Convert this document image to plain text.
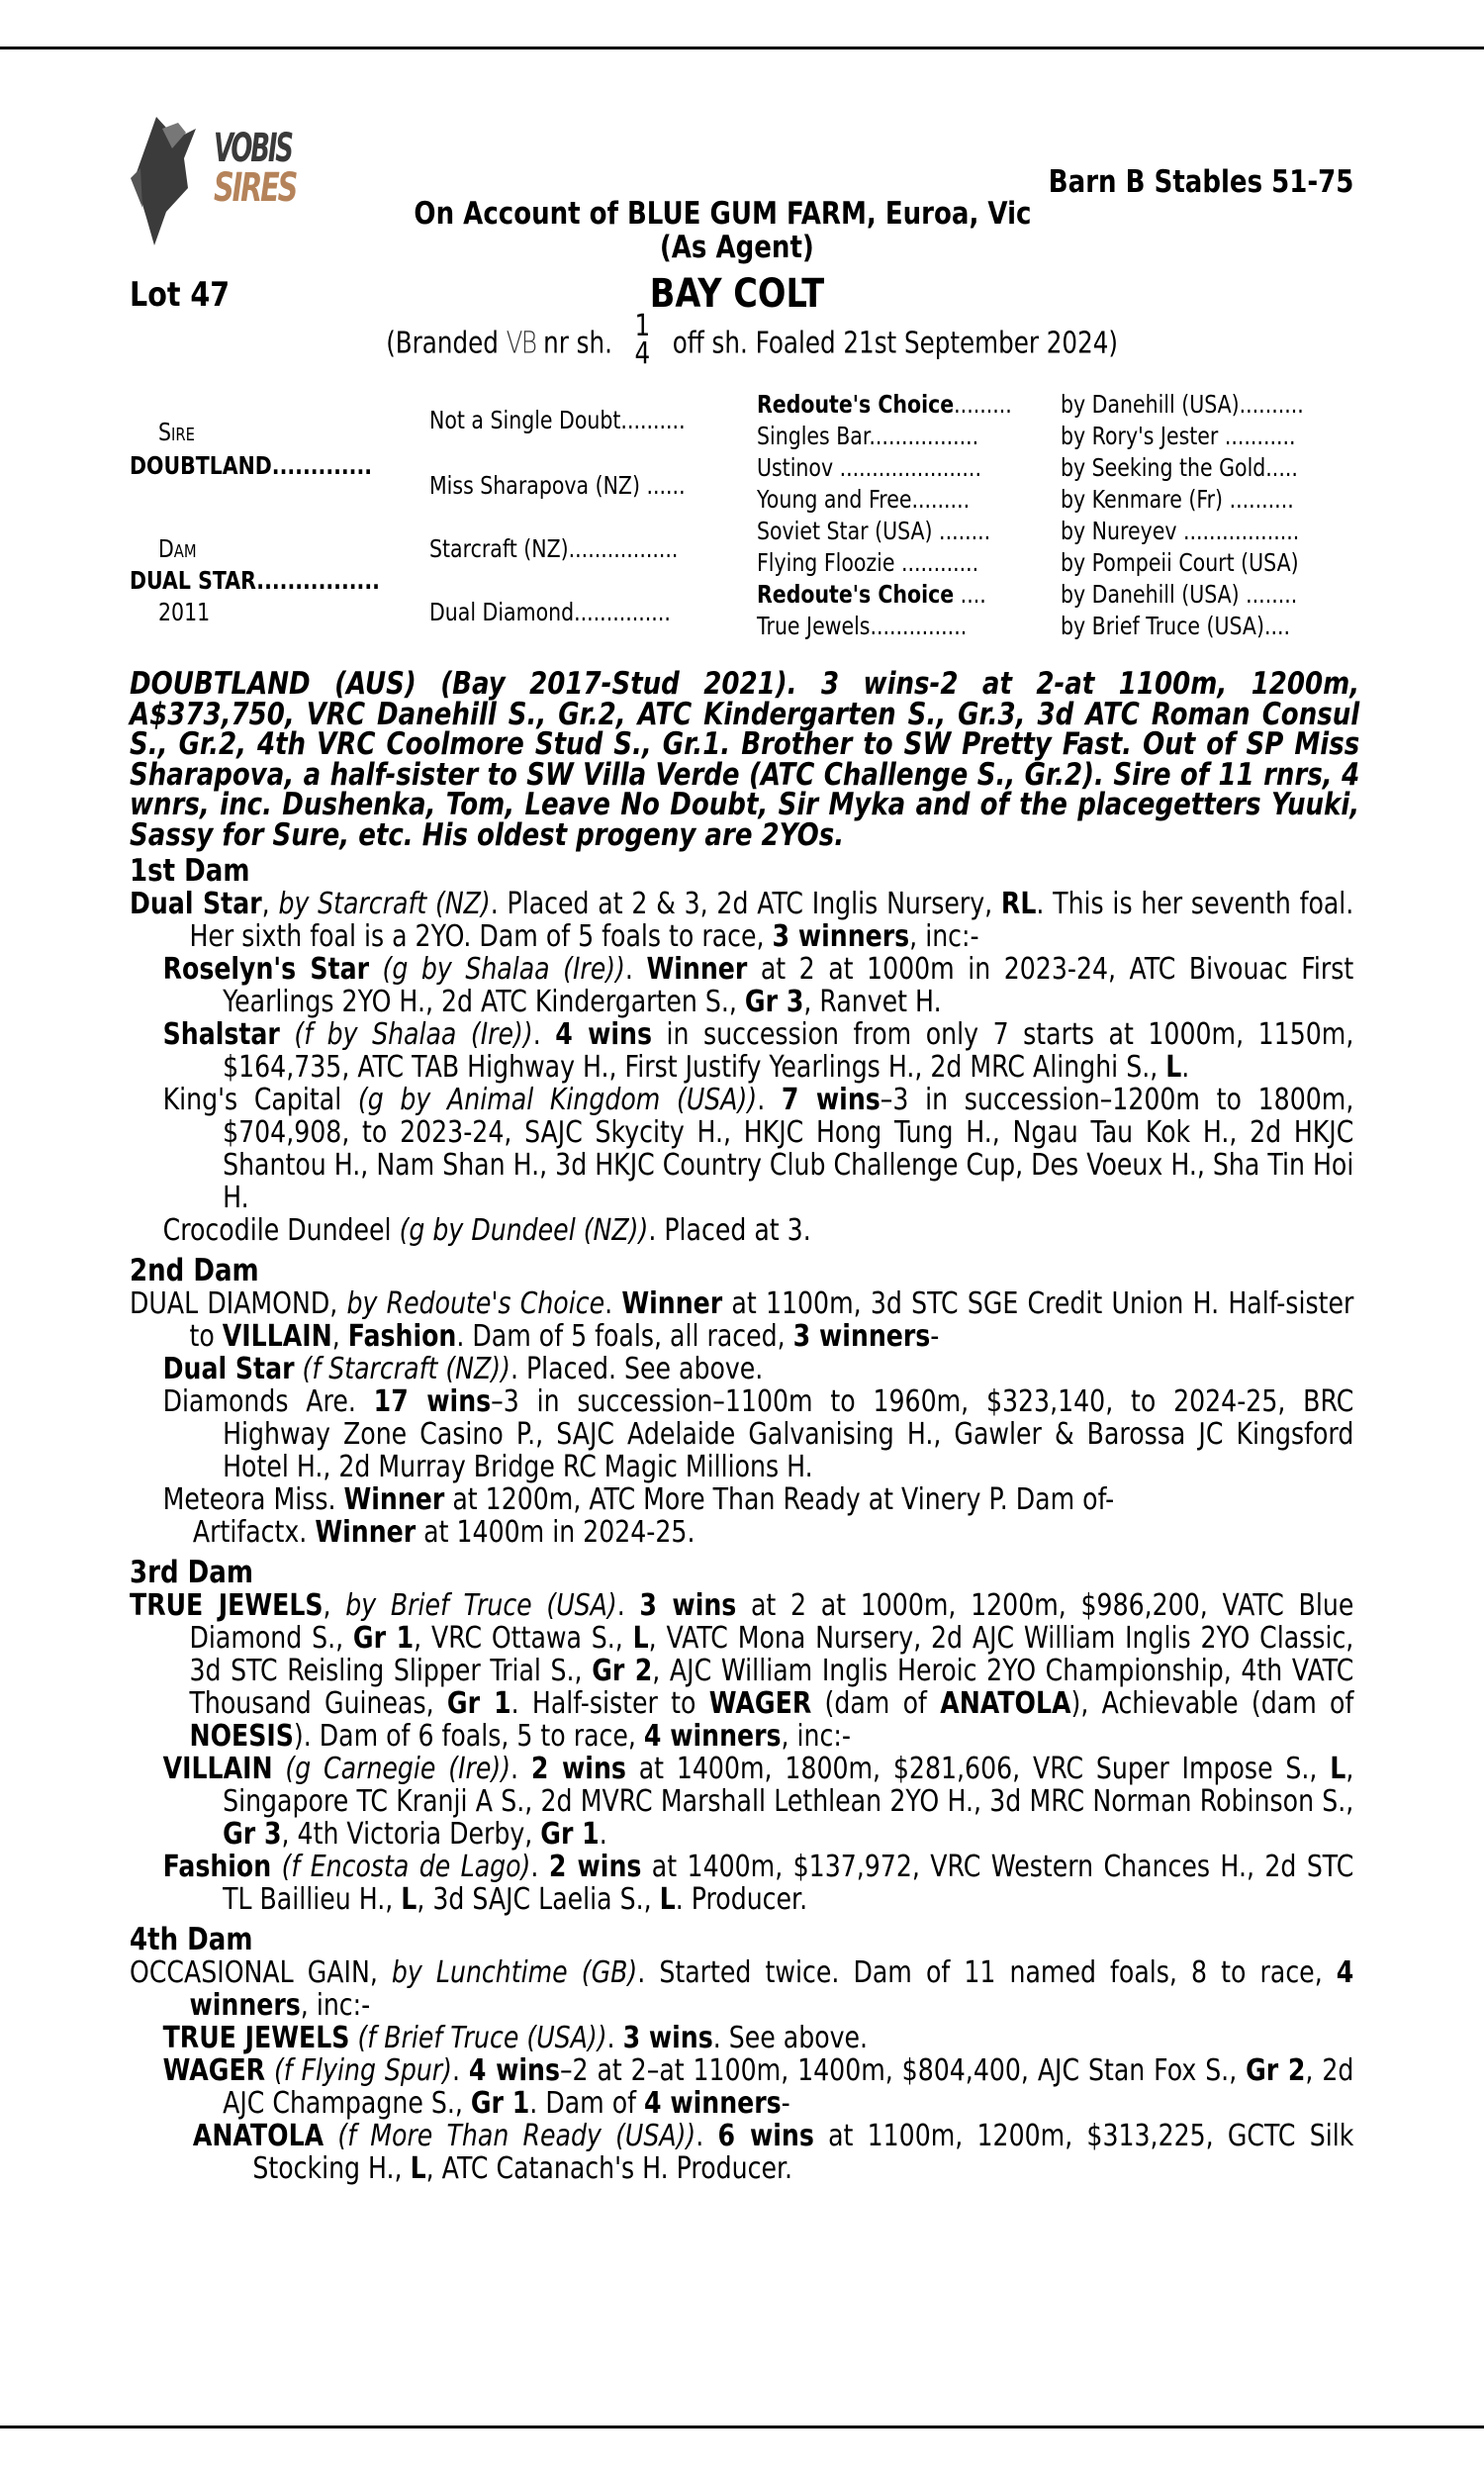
VOBIS
SIRES	Barn B Stables 51-75
On Account of BLUE GUM FARM, Euroa, Vic
(As Agent)
Lot 47	BAY COLT
(Branded VB nr sh. 1
4 off sh. Foaled 21st September 2024)
Sire
DOUBTLAND.............
Dam
DUAL STAR................
2011
Not a Single Doubt..........
Miss Sharapova (NZ) ......
Starcraft (NZ).................
Dual Diamond...............
Redoute's Choice.........
Singles Bar.................
Ustinov ......................
Young and Free.........
Soviet Star (USA) ........
Flying Floozie ............
Redoute's Choice ....
True Jewels...............
by Danehill (USA)..........
by Rory's Jester ...........
by Seeking the Gold.....
by Kenmare (Fr) ..........
by Nureyev ..................
by Pompeii Court (USA)
by Danehill (USA) ........
by Brief Truce (USA)....
DOUBTLAND (AUS) (Bay 2017-Stud 2021). 3 wins-2 at 2-at 1100m, 1200m, A$373,750, VRC Danehill S., Gr.2, ATC Kindergarten S., Gr.3, 3d ATC Roman Consul S., Gr.2, 4th VRC Coolmore Stud S., Gr.1. Brother to SW Pretty Fast. Out of SP Miss Sharapova, a half-sister to SW Villa Verde (ATC Challenge S., Gr.2). Sire of 11 rnrs, 4 wnrs, inc. Dushenka, Tom, Leave No Doubt, Sir Myka and of the placegetters Yuuki, Sassy for Sure, etc. His oldest progeny are 2YOs.
1st Dam
Dual Star, by Starcraft (NZ). Placed at 2 & 3, 2d ATC Inglis Nursery, RL. This is her seventh foal. Her sixth foal is a 2YO. Dam of 5 foals to race, 3 winners, inc:-
Roselyn's Star (g by Shalaa (Ire)). Winner at 2 at 1000m in 2023-24, ATC Bivouac First Yearlings 2YO H., 2d ATC Kindergarten S., Gr 3, Ranvet H.
Shalstar (f by Shalaa (Ire)). 4 wins in succession from only 7 starts at 1000m, 1150m, $164,735, ATC TAB Highway H., First Justify Yearlings H., 2d MRC Alinghi S., L.
King's Capital (g by Animal Kingdom (USA)). 7 wins–3 in succession–1200m to 1800m, $704,908, to 2023-24, SAJC Skycity H., HKJC Hong Tung H., Ngau Tau Kok H., 2d HKJC Shantou H., Nam Shan H., 3d HKJC Country Club Challenge Cup, Des Voeux H., Sha Tin Hoi H.
Crocodile Dundeel (g by Dundeel (NZ)). Placed at 3.
2nd Dam
DUAL DIAMOND, by Redoute's Choice. Winner at 1100m, 3d STC SGE Credit Union H. Half-sister to VILLAIN, Fashion. Dam of 5 foals, all raced, 3 winners-
Dual Star (f Starcraft (NZ)). Placed. See above.
Diamonds Are. 17 wins–3 in succession–1100m to 1960m, $323,140, to 2024-25, BRC Highway Zone Casino P., SAJC Adelaide Galvanising H., Gawler & Barossa JC Kingsford Hotel H., 2d Murray Bridge RC Magic Millions H.
Meteora Miss. Winner at 1200m, ATC More Than Ready at Vinery P. Dam of-
Artifactx. Winner at 1400m in 2024-25.
3rd Dam
TRUE JEWELS, by Brief Truce (USA). 3 wins at 2 at 1000m, 1200m, $986,200, VATC Blue Diamond S., Gr 1, VRC Ottawa S., L, VATC Mona Nursery, 2d AJC William Inglis 2YO Classic, 3d STC Reisling Slipper Trial S., Gr 2, AJC William Inglis Heroic 2YO Championship, 4th VATC Thousand Guineas, Gr 1. Half-sister to WAGER (dam of ANATOLA), Achievable (dam of NOESIS). Dam of 6 foals, 5 to race, 4 winners, inc:-
VILLAIN (g Carnegie (Ire)). 2 wins at 1400m, 1800m, $281,606, VRC Super Impose S., L, Singapore TC Kranji A S., 2d MVRC Marshall Lethlean 2YO H., 3d MRC Norman Robinson S., Gr 3, 4th Victoria Derby, Gr 1.
Fashion (f Encosta de Lago). 2 wins at 1400m, $137,972, VRC Western Chances H., 2d STC TL Baillieu H., L, 3d SAJC Laelia S., L. Producer.
4th Dam
OCCASIONAL GAIN, by Lunchtime (GB). Started twice. Dam of 11 named foals, 8 to race, 4 winners, inc:-
TRUE JEWELS (f Brief Truce (USA)). 3 wins. See above.
WAGER (f Flying Spur). 4 wins–2 at 2–at 1100m, 1400m, $804,400, AJC Stan Fox S., Gr 2, 2d AJC Champagne S., Gr 1. Dam of 4 winners-
ANATOLA (f More Than Ready (USA)). 6 wins at 1100m, 1200m, $313,225, GCTC Silk Stocking H., L, ATC Catanach's H. Producer.
